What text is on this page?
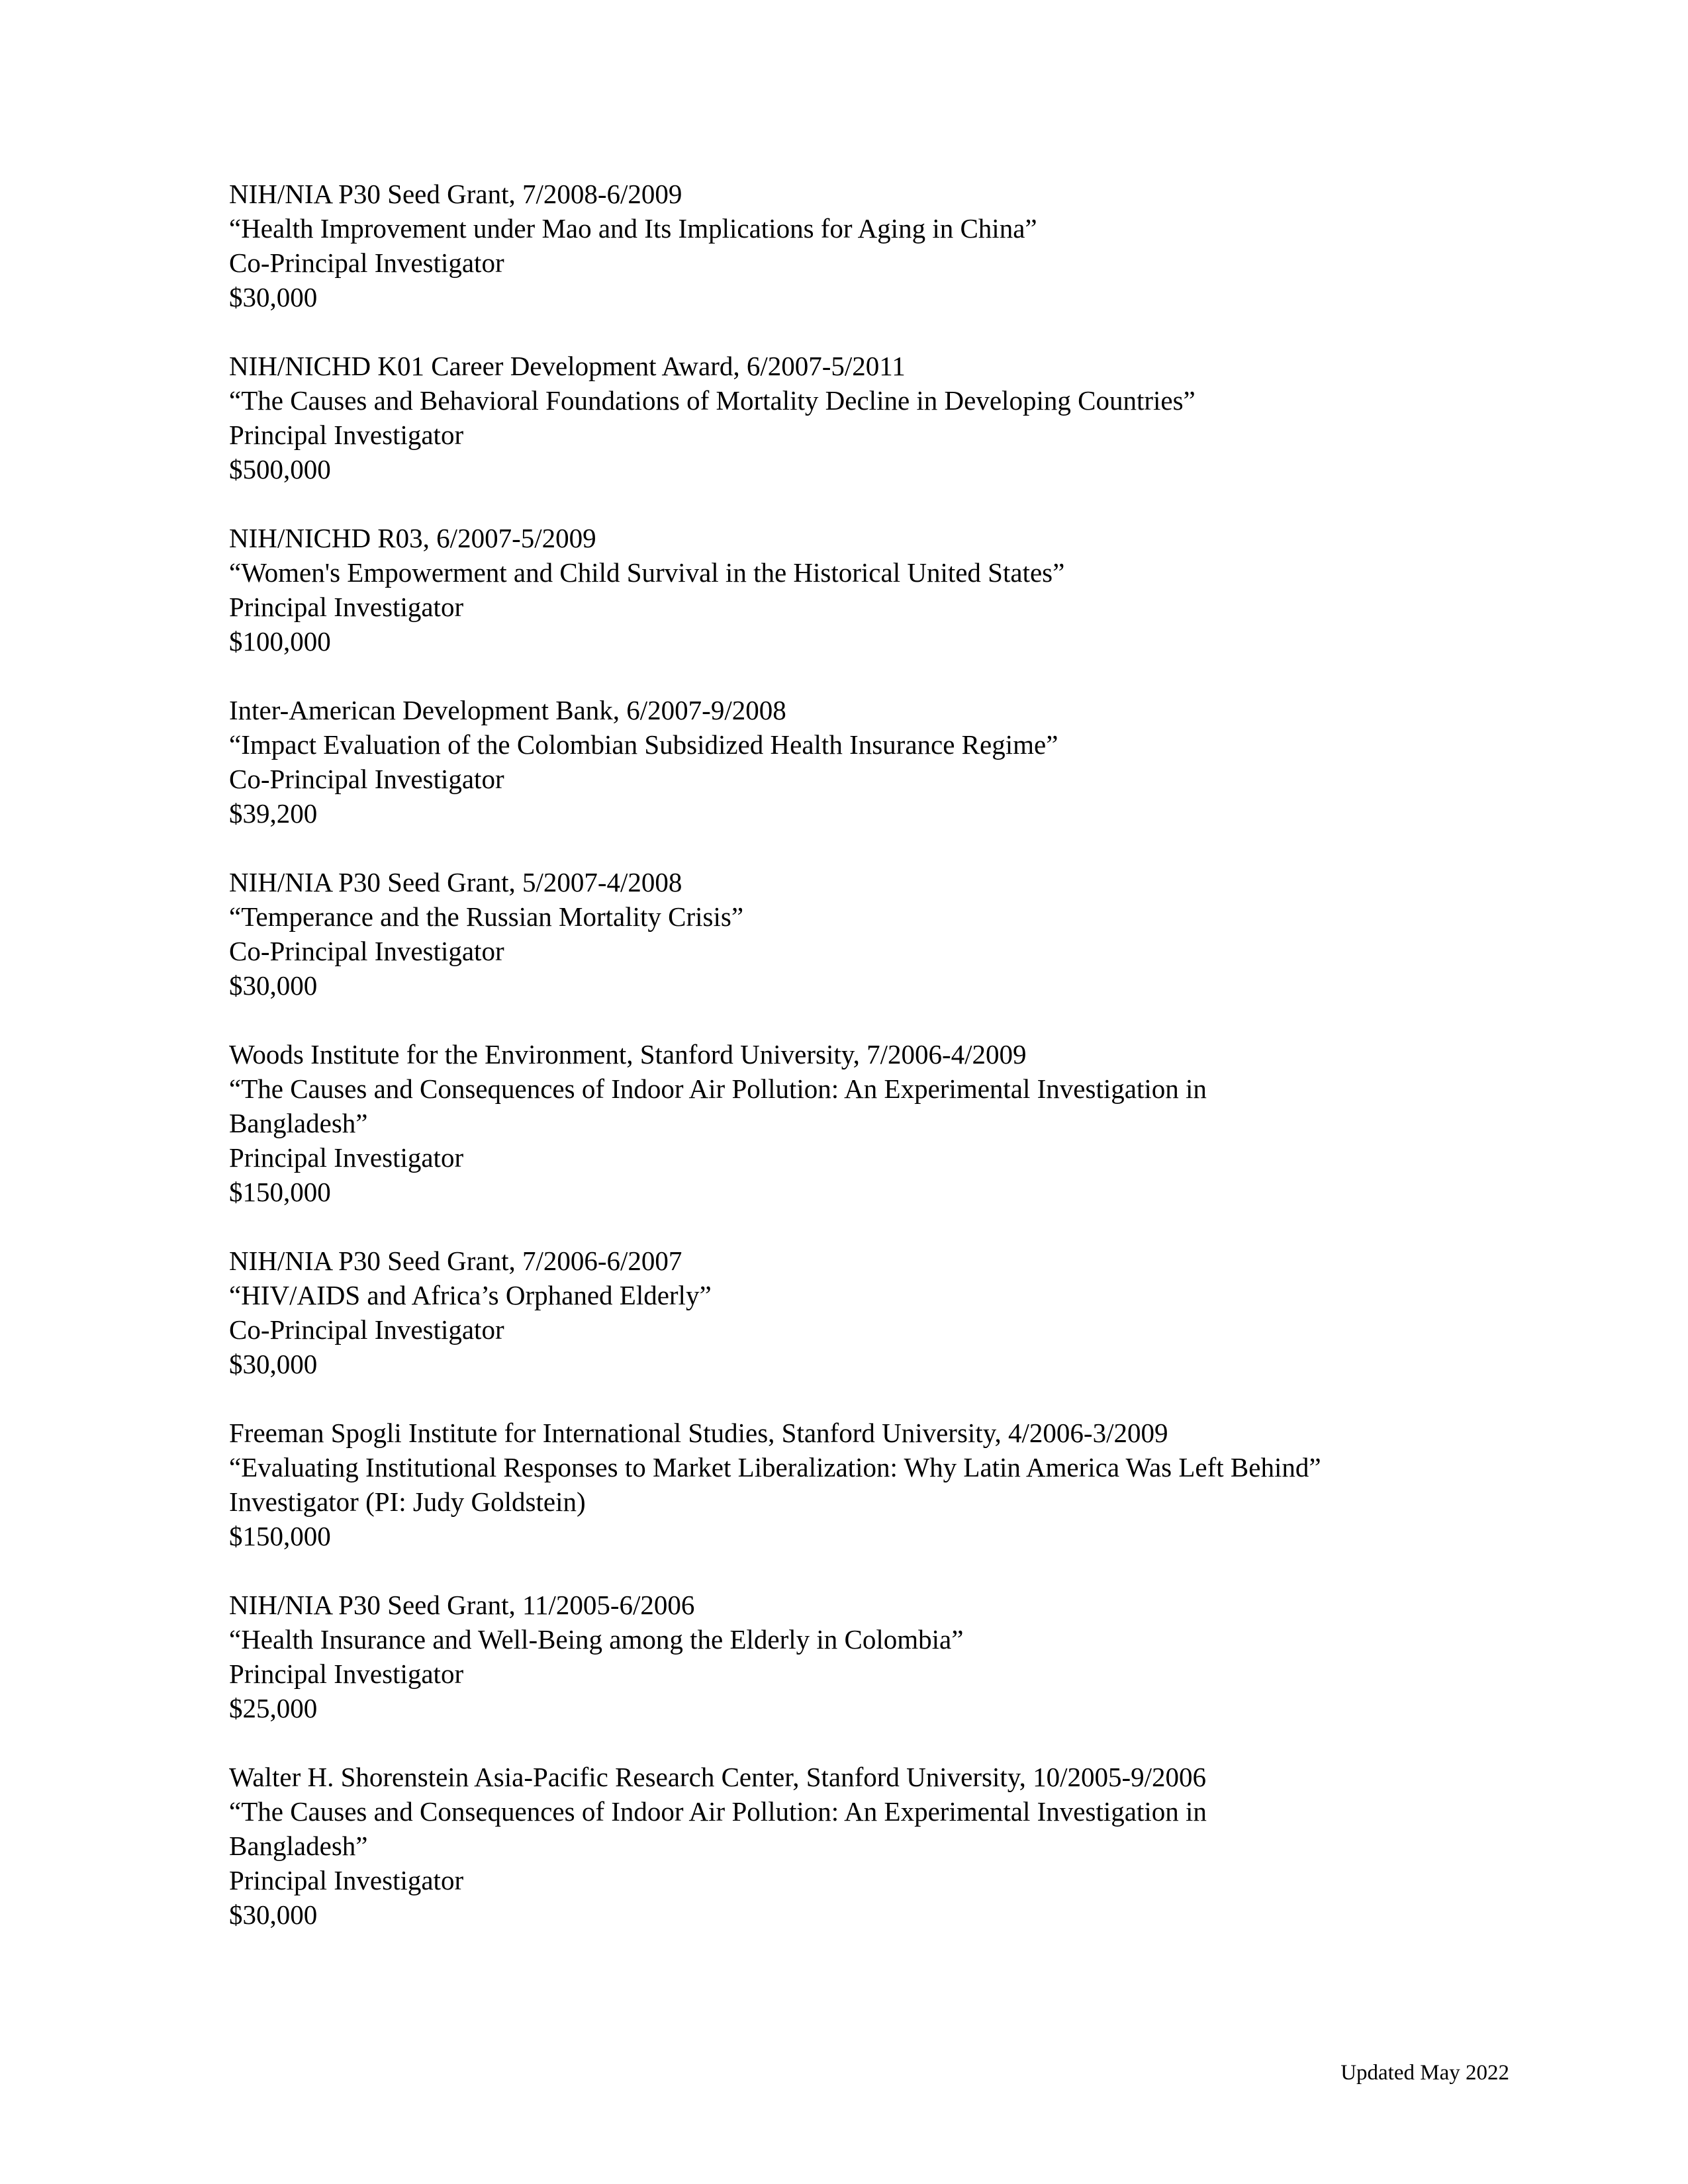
NIH/NIA P30 Seed Grant, 7/2008-6/2009
“Health Improvement under Mao and Its Implications for Aging in China”
Co-Principal Investigator
$30,000
NIH/NICHD K01 Career Development Award, 6/2007-5/2011
“The Causes and Behavioral Foundations of Mortality Decline in Developing Countries”
Principal Investigator
$500,000
NIH/NICHD R03, 6/2007-5/2009
“Women's Empowerment and Child Survival in the Historical United States”
Principal Investigator
$100,000
Inter-American Development Bank, 6/2007-9/2008
“Impact Evaluation of the Colombian Subsidized Health Insurance Regime”
Co-Principal Investigator
$39,200
NIH/NIA P30 Seed Grant, 5/2007-4/2008
“Temperance and the Russian Mortality Crisis”
Co-Principal Investigator
$30,000
Woods Institute for the Environment, Stanford University, 7/2006-4/2009
“The Causes and Consequences of Indoor Air Pollution: An Experimental Investigation in
Bangladesh”
Principal Investigator
$150,000
NIH/NIA P30 Seed Grant, 7/2006-6/2007
“HIV/AIDS and Africa’s Orphaned Elderly”
Co-Principal Investigator
$30,000
Freeman Spogli Institute for International Studies, Stanford University, 4/2006-3/2009
“Evaluating Institutional Responses to Market Liberalization: Why Latin America Was Left Behind”
Investigator (PI: Judy Goldstein)
$150,000
NIH/NIA P30 Seed Grant, 11/2005-6/2006
“Health Insurance and Well-Being among the Elderly in Colombia”
Principal Investigator
$25,000
Walter H. Shorenstein Asia-Pacific Research Center, Stanford University, 10/2005-9/2006
“The Causes and Consequences of Indoor Air Pollution: An Experimental Investigation in
Bangladesh”
Principal Investigator
$30,000
Updated May 2022
